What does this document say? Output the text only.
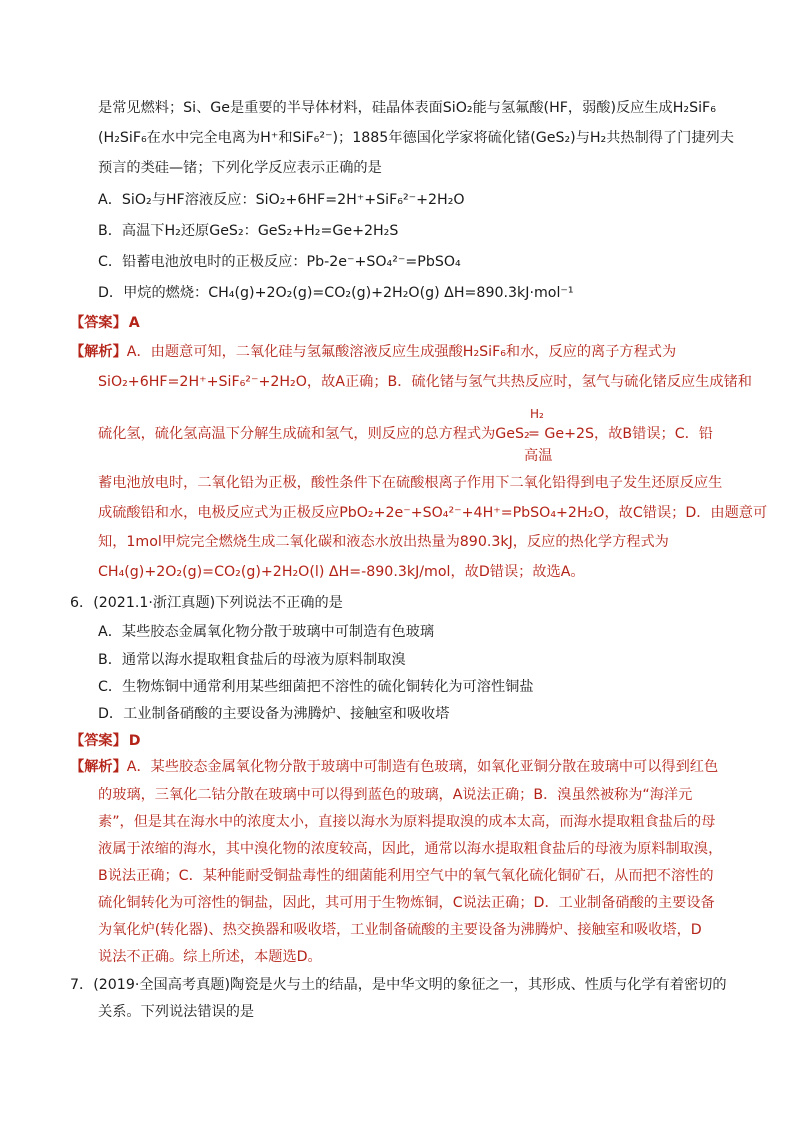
是常见燃料；Si、Ge是重要的半导体材料，硅晶体表面SiO₂能与氢氟酸(HF，弱酸)反应生成H₂SiF₆
(H₂SiF₆在水中完全电离为H⁺和SiF₆²⁻)；1885年德国化学家将硫化锗(GeS₂)与H₂共热制得了门捷列夫
预言的类硅—锗；下列化学反应表示正确的是
A．SiO₂与HF溶液反应：SiO₂+6HF=2H⁺+SiF₆²⁻+2H₂O
B．高温下H₂还原GeS₂：GeS₂+H₂=Ge+2H₂S
C．铅蓄电池放电时的正极反应：Pb-2e⁻+SO₄²⁻=PbSO₄
D．甲烷的燃烧：CH₄(g)+2O₂(g)=CO₂(g)+2H₂O(g) ΔH=890.3kJ·mol⁻¹
【答案】 A
【解析】A．由题意可知，二氧化硅与氢氟酸溶液反应生成强酸H₂SiF₆和水，反应的离子方程式为
SiO₂+6HF=2H⁺+SiF₆²⁻+2H₂O，故A正确；B．硫化锗与氢气共热反应时，氢气与硫化锗反应生成锗和
H₂
硫化氢，硫化氢高温下分解生成硫和氢气，则反应的总方程式为GeS₂
= Ge+2S，故B错误；C．铅
高温
蓄电池放电时，二氧化铅为正极，酸性条件下在硫酸根离子作用下二氧化铅得到电子发生还原反应生
成硫酸铅和水，电极反应式为正极反应PbO₂+2e⁻+SO₄²⁻+4H⁺=PbSO₄+2H₂O，故C错误；D．由题意可
知，1mol甲烷完全燃烧生成二氧化碳和液态水放出热量为890.3kJ，反应的热化学方程式为
CH₄(g)+2O₂(g)=CO₂(g)+2H₂O(l) ΔH=-890.3kJ/mol，故D错误；故选A。
6．(2021.1·浙江真题)下列说法不正确的是
A．某些胶态金属氧化物分散于玻璃中可制造有色玻璃
B．通常以海水提取粗食盐后的母液为原料制取溴
C．生物炼铜中通常利用某些细菌把不溶性的硫化铜转化为可溶性铜盐
D．工业制备硝酸的主要设备为沸腾炉、接触室和吸收塔
【答案】 D
【解析】A．某些胶态金属氧化物分散于玻璃中可制造有色玻璃，如氧化亚铜分散在玻璃中可以得到红色
的玻璃，三氧化二钴分散在玻璃中可以得到蓝色的玻璃，A说法正确；B．溴虽然被称为“海洋元
素”，但是其在海水中的浓度太小，直接以海水为原料提取溴的成本太高，而海水提取粗食盐后的母
液属于浓缩的海水，其中溴化物的浓度较高，因此，通常以海水提取粗食盐后的母液为原料制取溴，
B说法正确；C．某种能耐受铜盐毒性的细菌能利用空气中的氧气氧化硫化铜矿石，从而把不溶性的
硫化铜转化为可溶性的铜盐，因此，其可用于生物炼铜，C说法正确；D．工业制备硝酸的主要设备
为氧化炉(转化器)、热交换器和吸收塔，工业制备硫酸的主要设备为沸腾炉、接触室和吸收塔，D
说法不正确。综上所述，本题选D。
7．(2019·全国高考真题)陶瓷是火与土的结晶，是中华文明的象征之一，其形成、性质与化学有着密切的
关系。下列说法错误的是
